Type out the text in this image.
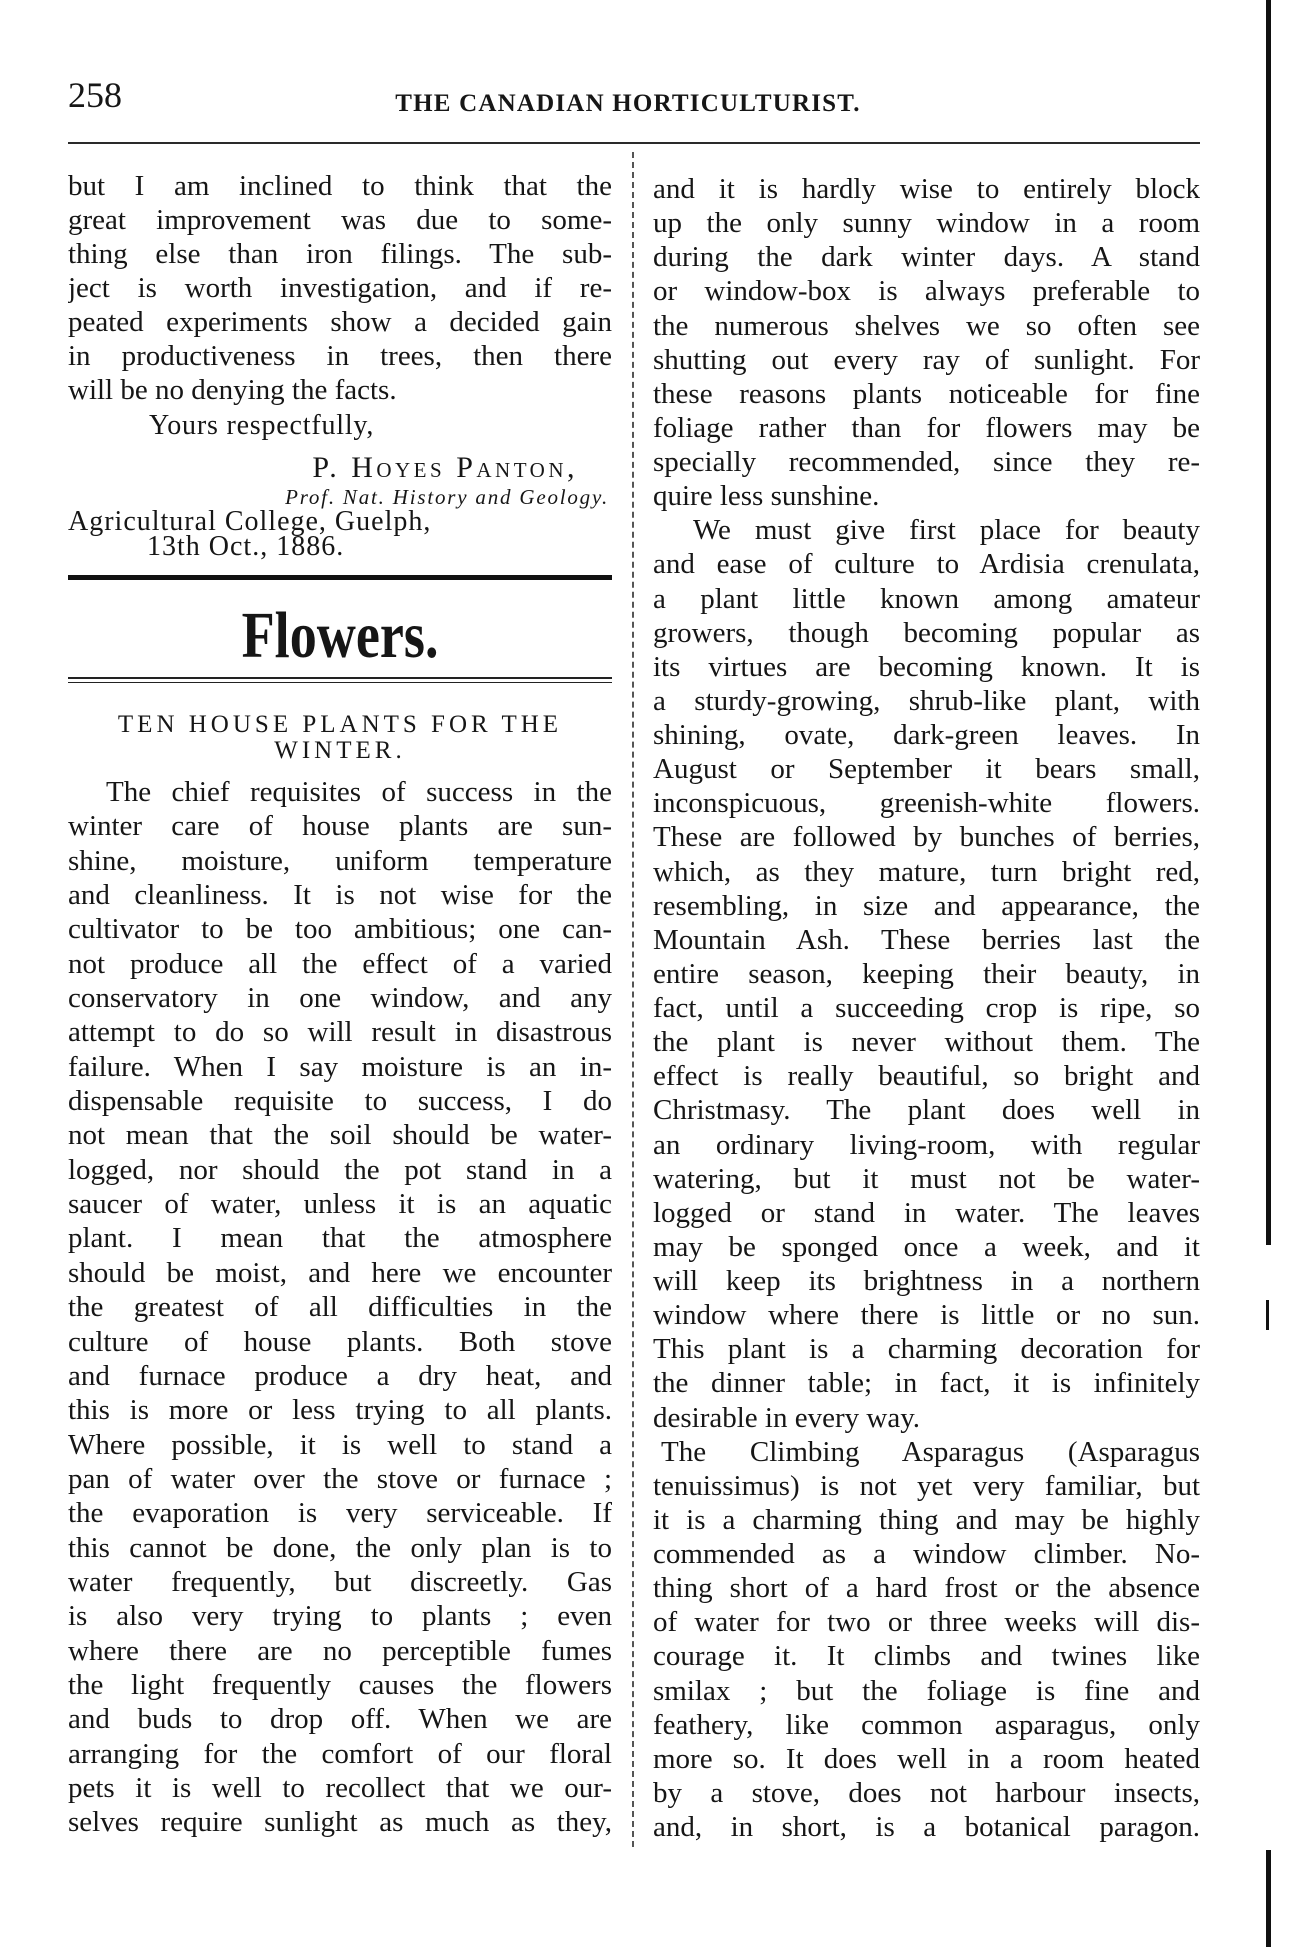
258	THE CANADIAN HORTICULTURIST.
but I am inclined to think that the
great improvement was due to some-
thing else than iron filings. The sub-
ject is worth investigation, and if re-
peated experiments show a decided gain
in productiveness in trees, then there
will be no denying the facts.
Yours respectfully,
P. Hoyes Panton,
Prof. Nat. History and Geology.
Agricultural College, Guelph,
13th Oct., 1886.
Flowers.
TEN HOUSE PLANTS FOR THE
WINTER.
The chief requisites of success in the
winter care of house plants are sun-
shine, moisture, uniform temperature
and cleanliness. It is not wise for the
cultivator to be too ambitious; one can-
not produce all the effect of a varied
conservatory in one window, and any
attempt to do so will result in disastrous
failure. When I say moisture is an in-
dispensable requisite to success, I do
not mean that the soil should be water-
logged, nor should the pot stand in a
saucer of water, unless it is an aquatic
plant. I mean that the atmosphere
should be moist, and here we encounter
the greatest of all difficulties in the
culture of house plants. Both stove
and furnace produce a dry heat, and
this is more or less trying to all plants.
Where possible, it is well to stand a
pan of water over the stove or furnace ;
the evaporation is very serviceable. If
this cannot be done, the only plan is to
water frequently, but discreetly. Gas
is also very trying to plants ; even
where there are no perceptible fumes
the light frequently causes the flowers
and buds to drop off. When we are
arranging for the comfort of our floral
pets it is well to recollect that we our-
selves require sunlight as much as they,
and it is hardly wise to entirely block
up the only sunny window in a room
during the dark winter days. A stand
or window-box is always preferable to
the numerous shelves we so often see
shutting out every ray of sunlight. For
these reasons plants noticeable for fine
foliage rather than for flowers may be
specially recommended, since they re-
quire less sunshine.
We must give first place for beauty
and ease of culture to Ardisia crenulata,
a plant little known among amateur
growers, though becoming popular as
its virtues are becoming known. It is
a sturdy-growing, shrub-like plant, with
shining, ovate, dark-green leaves. In
August or September it bears small,
inconspicuous, greenish-white flowers.
These are followed by bunches of berries,
which, as they mature, turn bright red,
resembling, in size and appearance, the
Mountain Ash. These berries last the
entire season, keeping their beauty, in
fact, until a succeeding crop is ripe, so
the plant is never without them. The
effect is really beautiful, so bright and
Christmasy. The plant does well in
an ordinary living-room, with regular
watering, but it must not be water-
logged or stand in water. The leaves
may be sponged once a week, and it
will keep its brightness in a northern
window where there is little or no sun.
This plant is a charming decoration for
the dinner table; in fact, it is infinitely
desirable in every way.
The Climbing Asparagus (Asparagus
tenuissimus) is not yet very familiar, but
it is a charming thing and may be highly
commended as a window climber. No-
thing short of a hard frost or the absence
of water for two or three weeks will dis-
courage it. It climbs and twines like
smilax ; but the foliage is fine and
feathery, like common asparagus, only
more so. It does well in a room heated
by a stove, does not harbour insects,
and, in short, is a botanical paragon.
